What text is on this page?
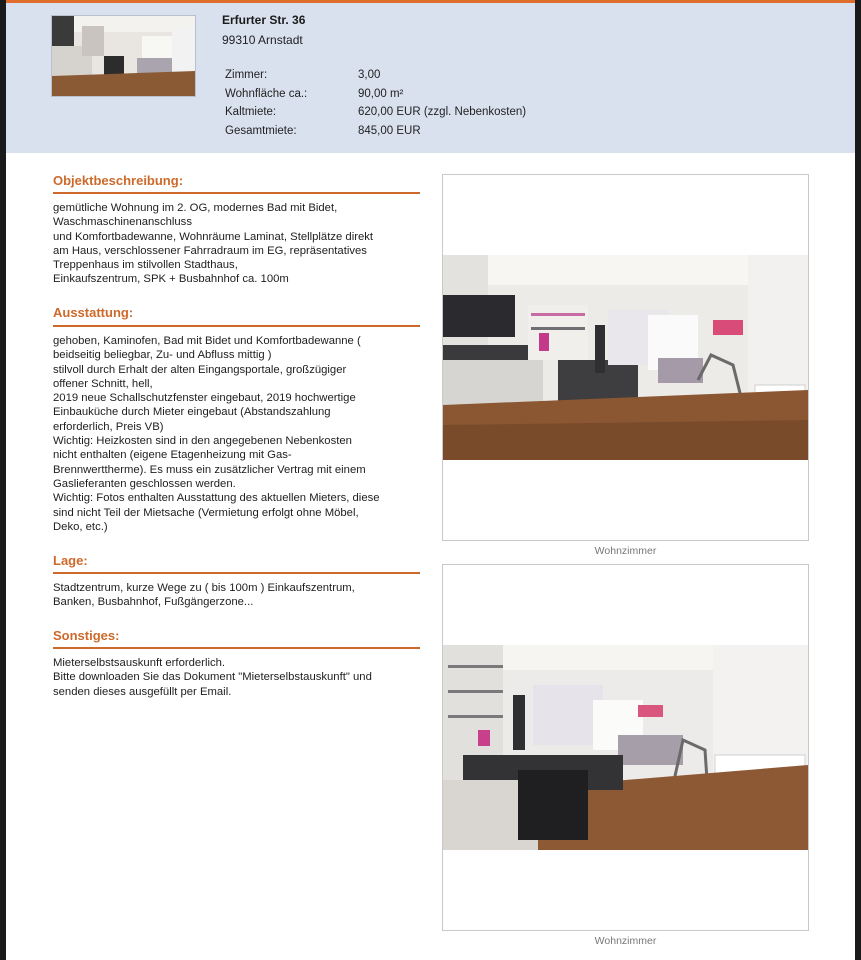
Erfurter Str. 36
99310 Arnstadt
Zimmer:	3,00
Wohnfläche ca.:	90,00 m²
Kaltmiete:	620,00 EUR (zzgl. Nebenkosten)
Gesamtmiete:	845,00 EUR
Objektbeschreibung:
gemütliche Wohnung im 2. OG, modernes Bad mit Bidet,
Waschmaschinenanschluss
und Komfortbadewanne, Wohnräume Laminat, Stellplätze direkt
am Haus, verschlossener Fahrradraum im EG, repräsentatives
Treppenhaus im stilvollen Stadthaus,
Einkaufszentrum, SPK + Busbahnhof ca. 100m
Ausstattung:
gehoben, Kaminofen, Bad mit Bidet und Komfortbadewanne (
beidseitig beliegbar, Zu- und Abfluss mittig )
stilvoll durch Erhalt der alten Eingangsportale, großzügiger
offener Schnitt, hell,
2019 neue Schallschutzfenster eingebaut, 2019 hochwertige
Einbauküche durch Mieter eingebaut (Abstandszahlung
erforderlich, Preis VB)
Wichtig: Heizkosten sind in den angegebenen Nebenkosten
nicht enthalten (eigene Etagenheizung mit Gas-
Brennwerttherme). Es muss ein zusätzlicher Vertrag mit einem
Gaslieferanten geschlossen werden.
Wichtig: Fotos enthalten Ausstattung des aktuellen Mieters, diese
sind nicht Teil der Mietsache (Vermietung erfolgt ohne Möbel,
Deko, etc.)
Lage:
Stadtzentrum, kurze Wege zu ( bis 100m ) Einkaufszentrum,
Banken, Busbahnhof, Fußgängerzone...
Sonstiges:
Mieterselbstsauskunft erforderlich.
Bitte downloaden Sie das Dokument "Mieterselbstauskunft" und
senden dieses ausgefüllt per Email.
Wohnzimmer
Wohnzimmer
